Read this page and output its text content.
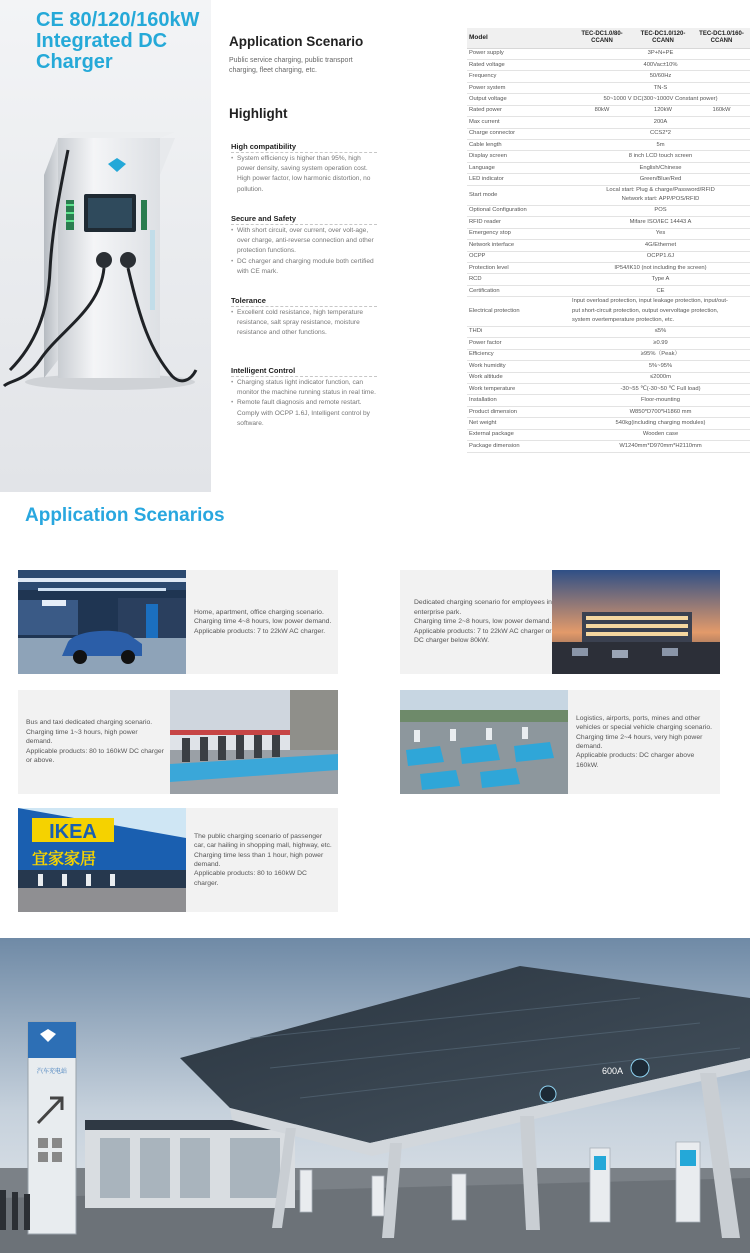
CE 80/120/160kW
Integrated DC
Charger
Application Scenario
Public service charging, public transport charging, fleet charging, etc.
Highlight
High compatibility
• System efficiency is higher than 95%, high power density, saving system operation cost. High power factor, low harmonic distortion, no pollution.
Secure and Safety
• With short circuit, over current, over volt-age, over charge, anti-reverse connection and other protection functions.
• DC charger and charging module both certified with CE mark.
Tolerance
• Excellent cold resistance, high temperature resistance, salt spray resistance, moisture resistance and other functions.
Intelligent Control
• Charging status light indicator function, can monitor the machine running status in real time.
• Remote fault diagnosis and remote restart. Comply with OCPP 1.6J, Intelligent control by software.
Model	TEC-DC1.0/80-CCANN	TEC-DC1.0/120-CCANN	TEC-DC1.0/160-CCANN
Power supply	3P+N+PE		
Rated voltage	400Vac±10%		
Frequency	50/60Hz		
Power system	TN-S		
Output voltage	50~1000 V DC(300~1000V Constant power)		
Rated power	80kW	120kW	160kW
Max current	200A		
Charge connector	CCS2*2		
Cable length	5m		
Display screen	8 inch LCD touch screen		
Language	English/Chinese		
LED indicator	Green/Blue/Red		
Start mode	Local start: Plug & charge/Password/RFID
Network start: APP/POS/RFID		

Optional Configuration	POS		
RFID reader	Mifare ISO/IEC 14443 A		
Emergency stop	Yes		
Network interface	4G/Ethernet		
OCPP	OCPP1.6J		
Protection level	IP54/IK10 (not including the screen)		
RCD	Type A		
Certification	CE		
Electrical protection	Input overload protection, input leakage protection, input/out-
put short-circuit protection, output overvoltage protection,
system overtemperature protection, etc.		

THDi	≤5%		
Power factor	≥0.99		
Efficiency	≥95%（Peak）		
Work humidity	5%~95%		
Work altitude	≤2000m		
Work temperature	-30~55 ℃(-30~50 ℃ Full load)		
Installation	Floor-mounting		
Product dimension	W850*D700*H1860 mm		
Net weight	540kg(including charging modules)		
External package	Wooden case		
Package dimension	W1240mm*D970mm*H2110mm		
Application Scenarios
Home, apartment, office charging scenario.
Charging time 4~8 hours, low power demand.
Applicable products: 7 to 22kW AC charger.
Dedicated charging scenario for employees in enterprise park.
Charging time 2~8 hours, low power demand.
Applicable products: 7 to 22kW AC charger or DC charger below 80kW.
Bus and taxi dedicated charging scenario.
Charging time 1~3 hours, high power demand.
Applicable products: 80 to 160kW DC charger or above.
Logistics, airports, ports, mines and other vehicles or special vehicle charging scenario.
Charging time 2~4 hours, very high power demand.
Applicable products: DC charger above 160kW.
IKEA
宜家家居
The public charging scenario of passenger car, car hailing in shopping mall, highway, etc.
Charging time less than 1 hour, high power demand.
Applicable products: 80 to 160kW DC charger.
600A
汽车充电站
